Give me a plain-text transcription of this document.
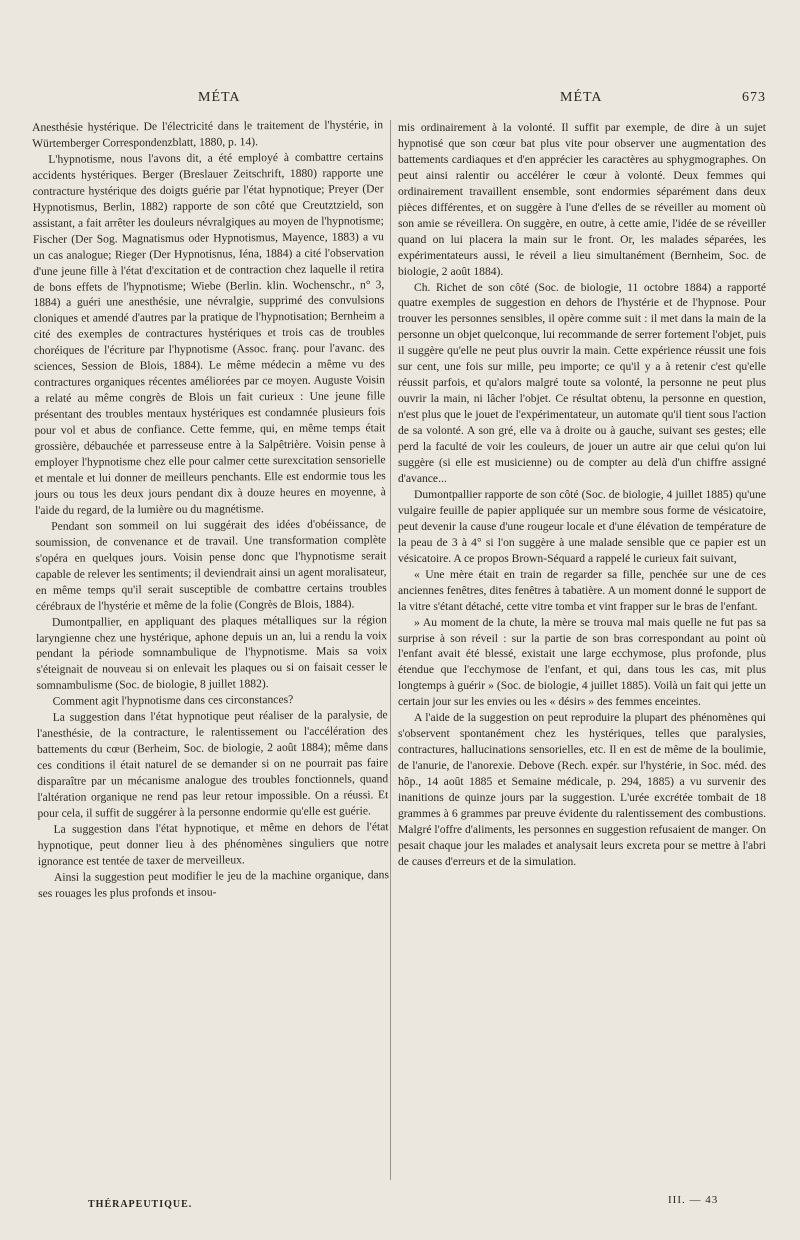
MÉTA	MÉTA	673

Anesthésie hystérique. De l'électricité dans le traitement de l'hystérie, in Würtemberger Correspondenzblatt, 1880, p. 14).

L'hypnotisme, nous l'avons dit, a été employé à combattre certains accidents hystériques. Berger (Breslauer Zeitschrift, 1880) rapporte une contracture hystérique des doigts guérie par l'état hypnotique; Preyer (Der Hypnotismus, Berlin, 1882) rapporte de son côté que Creutztzield, son assistant, a fait arrêter les douleurs névralgiques au moyen de l'hypnotisme; Fischer (Der Sog. Magnatismus oder Hypnotismus, Mayence, 1883) a vu un cas analogue; Rieger (Der Hypnotisnus, Iéna, 1884) a cité l'observation d'une jeune fille à l'état d'excitation et de contraction chez laquelle il retira de bons effets de l'hypnotisme; Wiebe (Berlin. klin. Wochenschr., n° 3, 1884) a guéri une anesthésie, une névralgie, supprimé des convulsions cloniques et amendé d'autres par la pratique de l'hypnotisation; Bernheim a cité des exemples de contractures hystériques et trois cas de troubles choréiques de l'écriture par l'hypnotisme (Assoc. franç. pour l'avanc. des sciences, Session de Blois, 1884). Le même médecin a même vu des contractures organiques récentes améliorées par ce moyen. Auguste Voisin a relaté au même congrès de Blois un fait curieux : Une jeune fille présentant des troubles mentaux hystériques est condamnée plusieurs fois pour vol et abus de confiance. Cette femme, qui, en même temps était grossière, débauchée et parresseuse entre à la Salpêtrière. Voisin pense à employer l'hypnotisme chez elle pour calmer cette surexcitation sensorielle et mentale et lui donner de meilleurs penchants. Elle est endormie tous les jours ou tous les deux jours pendant dix à douze heures en moyenne, à l'aide du regard, de la lumière ou du magnétisme.

Pendant son sommeil on lui suggérait des idées d'obéissance, de soumission, de convenance et de travail. Une transformation complète s'opéra en quelques jours. Voisin pense donc que l'hypnotisme serait capable de relever les sentiments; il deviendrait ainsi un agent moralisateur, en même temps qu'il serait susceptible de combattre certains troubles cérébraux de l'hystérie et même de la folie (Congrès de Blois, 1884).

Dumontpallier, en appliquant des plaques métalliques sur la région laryngienne chez une hystérique, aphone depuis un an, lui a rendu la voix pendant la période somnambulique de l'hypnotisme. Mais sa voix s'éteignait de nouveau si on enlevait les plaques ou si on faisait cesser le somnambulisme (Soc. de biologie, 8 juillet 1882).

Comment agit l'hypnotisme dans ces circonstances?

La suggestion dans l'état hypnotique peut réaliser de la paralysie, de l'anesthésie, de la contracture, le ralentissement ou l'accélération des battements du cœur (Berheim, Soc. de biologie, 2 août 1884); même dans ces conditions il était naturel de se demander si on ne pourrait pas faire disparaître par un mécanisme analogue des troubles fonctionnels, quand l'altération organique ne rend pas leur retour impossible. On a réussi. Et pour cela, il suffit de suggérer à la personne endormie qu'elle est guérie.

La suggestion dans l'état hypnotique, et même en dehors de l'état hypnotique, peut donner lieu à des phénomènes singuliers que notre ignorance est tentée de taxer de merveilleux.

Ainsi la suggestion peut modifier le jeu de la machine organique, dans ses rouages les plus profonds et insou-

mis ordinairement à la volonté. Il suffit par exemple, de dire à un sujet hypnotisé que son cœur bat plus vite pour observer une augmentation des battements cardiaques et d'en apprécier les caractères au sphygmographes. On peut ainsi ralentir ou accélérer le cœur à volonté. Deux femmes qui ordinairement travaillent ensemble, sont endormies séparément dans deux pièces différentes, et on suggère à l'une d'elles de se réveiller au moment où son amie se réveillera. On suggère, en outre, à cette amie, l'idée de se réveiller quand on lui placera la main sur le front. Or, les malades séparées, les expérimentateurs aussi, le réveil a lieu simultanément (Bernheim, Soc. de biologie, 2 août 1884).

Ch. Richet de son côté (Soc. de biologie, 11 octobre 1884) a rapporté quatre exemples de suggestion en dehors de l'hystérie et de l'hypnose. Pour trouver les personnes sensibles, il opère comme suit : il met dans la main de la personne un objet quelconque, lui recommande de serrer fortement l'objet, puis il suggère qu'elle ne peut plus ouvrir la main. Cette expérience réussit une fois sur cent, une fois sur mille, peu importe; ce qu'il y a à retenir c'est qu'elle réussit parfois, et qu'alors malgré toute sa volonté, la personne ne peut plus ouvrir la main, ni lâcher l'objet. Ce résultat obtenu, la personne en question, n'est plus que le jouet de l'expérimentateur, un automate qu'il tient sous l'action de sa volonté. A son gré, elle va à droite ou à gauche, suivant ses gestes; elle perd la faculté de voir les couleurs, de jouer un autre air que celui qu'on lui suggère (si elle est musicienne) ou de compter au delà d'un chiffre assigné d'avance...

Dumontpallier rapporte de son côté (Soc. de biologie, 4 juillet 1885) qu'une vulgaire feuille de papier appliquée sur un membre sous forme de vésicatoire, peut devenir la cause d'une rougeur locale et d'une élévation de température de la peau de 3 à 4° si l'on suggère à une malade sensible que ce papier est un vésicatoire. A ce propos Brown-Séquard a rappelé le curieux fait suivant,

« Une mère était en train de regarder sa fille, penchée sur une de ces anciennes fenêtres, dites fenêtres à tabatière. A un moment donné le support de la vitre s'étant détaché, cette vitre tomba et vint frapper sur le bras de l'enfant.

» Au moment de la chute, la mère se trouva mal mais quelle ne fut pas sa surprise à son réveil : sur la partie de son bras correspondant au point où l'enfant avait été blessé, existait une large ecchymose, plus profonde, plus étendue que l'ecchymose de l'enfant, et qui, dans tous les cas, mit plus longtemps à guérir » (Soc. de biologie, 4 juillet 1885). Voilà un fait qui jette un certain jour sur les envies ou les « désirs » des femmes enceintes.

A l'aide de la suggestion on peut reproduire la plupart des phénomènes qui s'observent spontanément chez les hystériques, telles que paralysies, contractures, hallucinations sensorielles, etc. Il en est de même de la boulimie, de l'anurie, de l'anorexie. Debove (Rech. expér. sur l'hystérie, in Soc. méd. des hôp., 14 août 1885 et Semaine médicale, p. 294, 1885) a vu survenir des inanitions de quinze jours par la suggestion. L'urée excrétée tombait de 18 grammes à 6 grammes par preuve évidente du ralentissement des combustions. Malgré l'offre d'aliments, les personnes en suggestion refusaient de manger. On pesait chaque jour les malades et analysait leurs excreta pour se mettre à l'abri de causes d'erreurs et de la simulation.

THÉRAPEUTIQUE.	III. — 43
